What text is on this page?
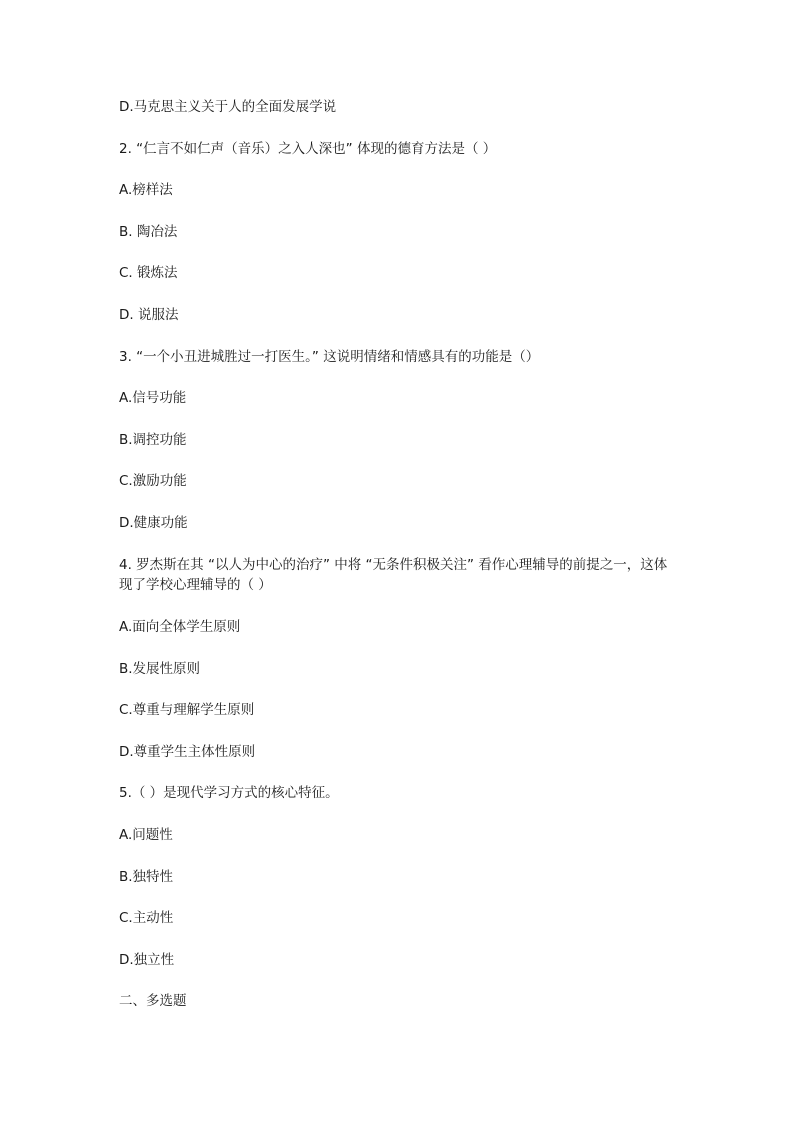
D.马克思主义关于人的全面发展学说
2. “仁言不如仁声（音乐）之入人深也” 体现的德育方法是（ ）
A.榜样法
B. 陶冶法
C. 锻炼法
D. 说服法
3. “一个小丑进城胜过一打医生。” 这说明情绪和情感具有的功能是（）
A.信号功能
B.调控功能
C.激励功能
D.健康功能
4. 罗杰斯在其 “以人为中心的治疗” 中将 “无条件积极关注” 看作心理辅导的前提之一，这体现了学校心理辅导的（ ）
A.面向全体学生原则
B.发展性原则
C.尊重与理解学生原则
D.尊重学生主体性原则
5.（ ）是现代学习方式的核心特征。
A.问题性
B.独特性
C.主动性
D.独立性
二、多选题
